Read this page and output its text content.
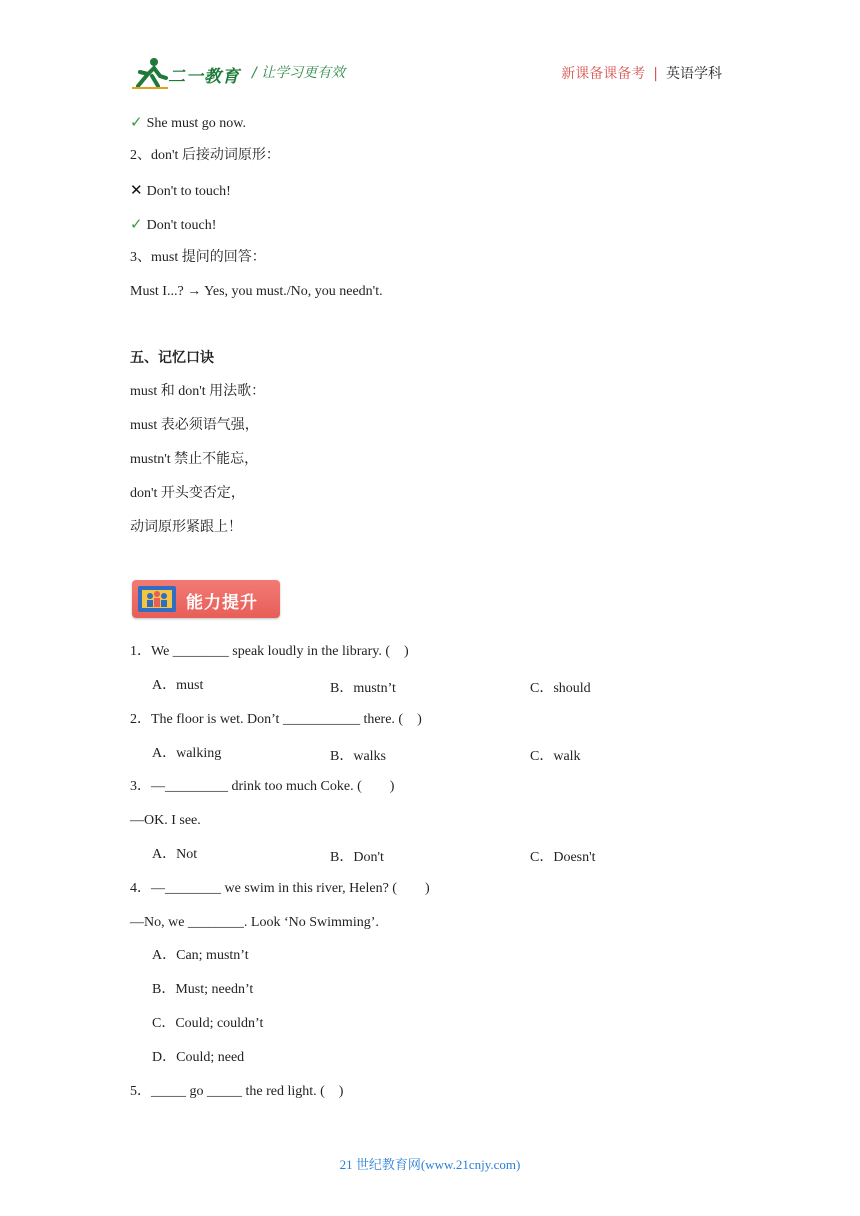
二一教育 / 让学习更有效	新课备课备考 | 英语学科
✓ She must go now.
2、don't 后接动词原形：
✕ Don't to touch!
✓ Don't touch!
3、must 提问的回答：
Must I...? → Yes, you must./No, you needn't.
五、记忆口诀
must 和 don't 用法歌：
must 表必须语气强，
mustn't 禁止不能忘，
don't 开头变否定，
动词原形紧跟上！
能力提升
1．We ________ speak loudly in the library. (　)
A．must	B．mustn’t	C．should
2．The floor is wet. Don’t ___________ there. (　)
A．walking	B．walks	C．walk
3．—_________ drink too much Coke. (　　)
—OK. I see.
A．Not	B．Don't	C．Doesn't
4．—________ we swim in this river, Helen? (　　)
—No, we ________. Look ‘No Swimming’.
A．Can; mustn’t
B．Must; needn’t
C．Could; couldn’t
D．Could; need
5．_____ go _____ the red light. (　)
21 世纪教育网(www.21cnjy.com)
